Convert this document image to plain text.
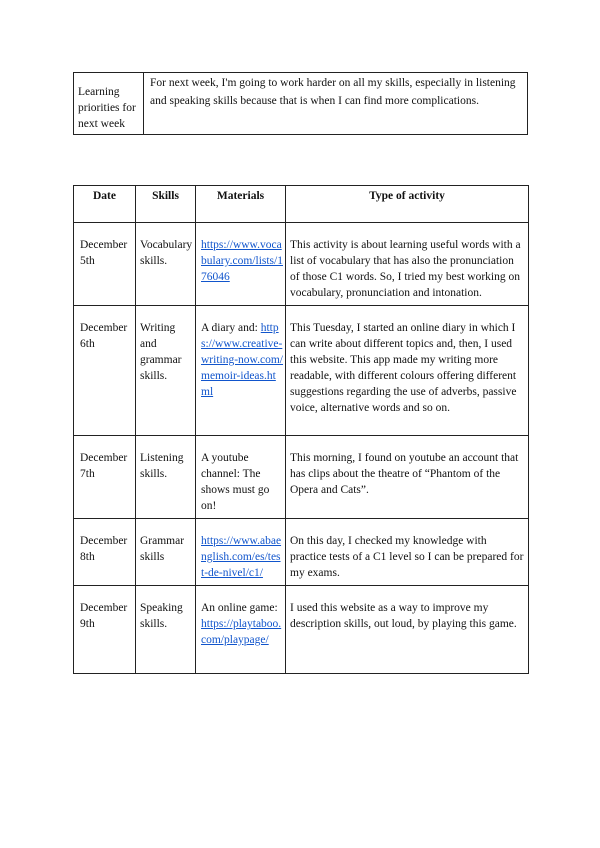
Learning priorities for next week	For next week, I'm going to work harder on all my skills, especially in listening and speaking skills because that is when I can find more complications.
Date	Skills	Materials	Type of activity
December 5th	Vocabulary skills.	https://www.vocabulary.com/lists/176046	This activity is about learning useful words with a list of vocabulary that has also the pronunciation of those C1 words. So, I tried my best working on vocabulary, pronunciation and intonation.
December 6th	Writing and grammar skills.	A diary and: https://www.creative-writing-now.com/memoir-ideas.html	This Tuesday, I started an online diary in which I can write about different topics and, then, I used this website. This app made my writing more readable, with different colours offering different suggestions regarding the use of adverbs, passive voice, alternative words and so on.
December 7th	Listening skills.	A youtube channel: The shows must go on!	This morning, I found on youtube an account that has clips about the theatre of “Phantom of the Opera and Cats”.
December 8th	Grammar skills	https://www.abaenglish.com/es/test-de-nivel/c1/	On this day, I checked my knowledge with practice tests of a C1 level so I can be prepared for my exams.
December 9th	Speaking skills.	An online game: https://playtaboo.com/playpage/	I used this website as a way to improve my description skills, out loud, by playing this game.
